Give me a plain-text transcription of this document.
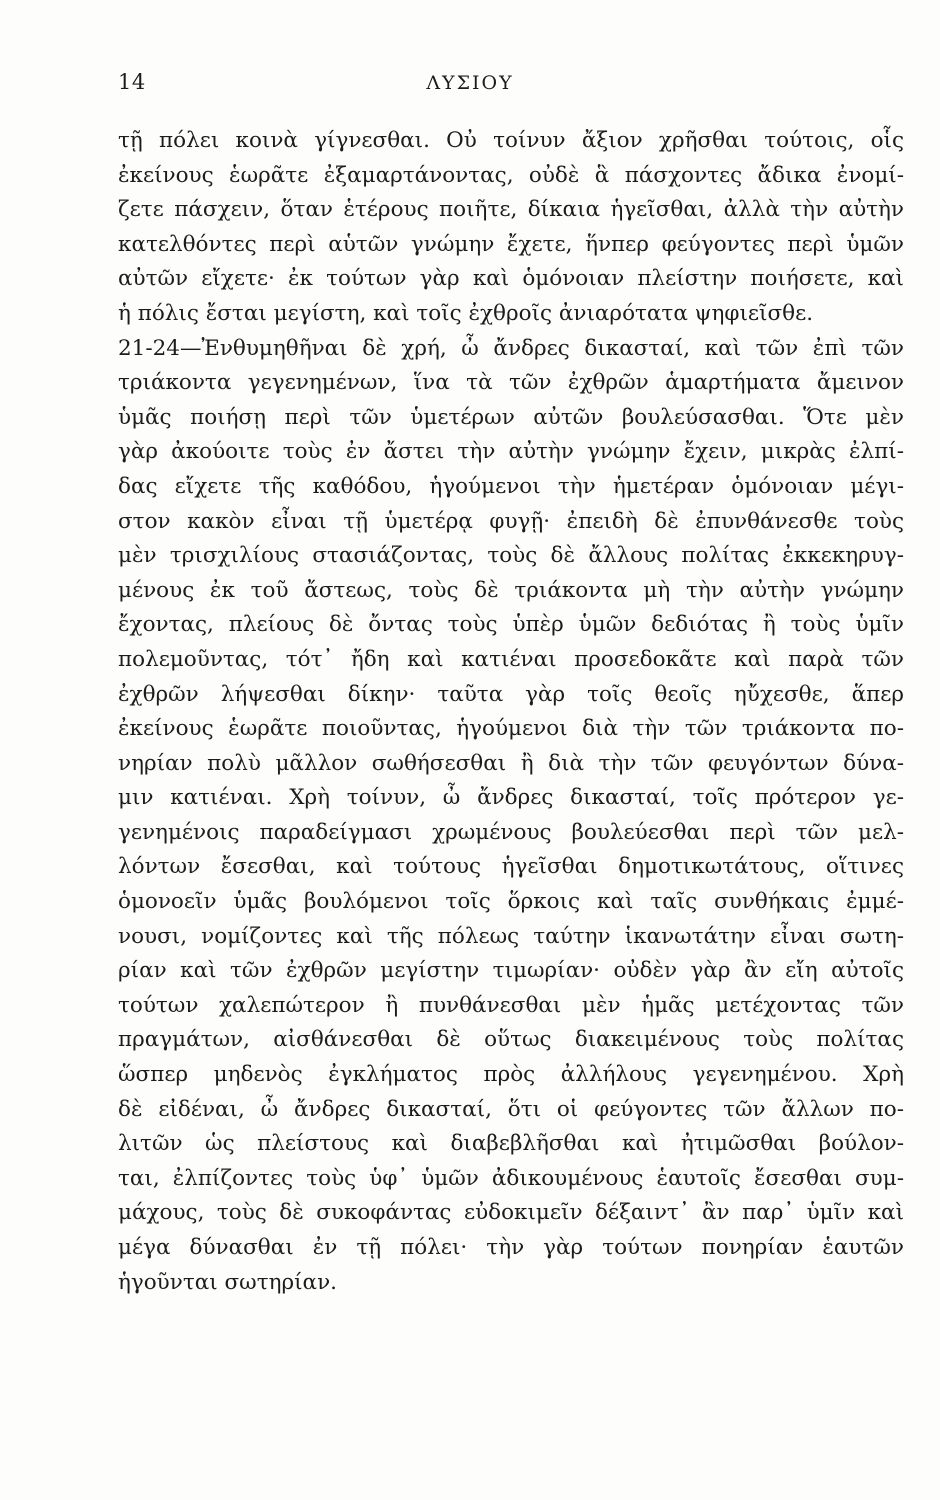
14	ΛΥΣΙΟΥ
τῇ πόλει κοινὰ γίγνεσθαι. Οὐ τοίνυν ἄξιον χρῆσθαι τούτοις, οἷς
ἐκείνους ἑωρᾶτε ἐξαμαρτάνοντας, οὐδὲ ἃ πάσχοντες ἄδικα ἐνομί-
ζετε πάσχειν, ὅταν ἑτέρους ποιῆτε, δίκαια ἡγεῖσθαι, ἀλλὰ τὴν αὐτὴν
κατελθόντες περὶ αὑτῶν γνώμην ἔχετε, ἥνπερ φεύγοντες περὶ ὑμῶν
αὐτῶν εἴχετε· ἐκ τούτων γὰρ καὶ ὁμόνοιαν πλείστην ποιήσετε, καὶ
ἡ πόλις ἔσται μεγίστη, καὶ τοῖς ἐχθροῖς ἀνιαρότατα ψηφιεῖσθε.
21-24—Ἐνθυμηθῆναι δὲ χρή, ὦ ἄνδρες δικασταί, καὶ τῶν ἐπὶ τῶν
τριάκοντα γεγενημένων, ἵνα τὰ τῶν ἐχθρῶν ἁμαρτήματα ἄμεινον
ὑμᾶς ποιήσῃ περὶ τῶν ὑμετέρων αὐτῶν βουλεύσασθαι. Ὅτε μὲν
γὰρ ἀκούοιτε τοὺς ἐν ἄστει τὴν αὐτὴν γνώμην ἔχειν, μικρὰς ἐλπί-
δας εἴχετε τῆς καθόδου, ἡγούμενοι τὴν ἡμετέραν ὁμόνοιαν μέγι-
στον κακὸν εἶναι τῇ ὑμετέρᾳ φυγῇ· ἐπειδὴ δὲ ἐπυνθάνεσθε τοὺς
μὲν τρισχιλίους στασιάζοντας, τοὺς δὲ ἄλλους πολίτας ἐκκεκηρυγ-
μένους ἐκ τοῦ ἄστεως, τοὺς δὲ τριάκοντα μὴ τὴν αὐτὴν γνώμην
ἔχοντας, πλείους δὲ ὄντας τοὺς ὑπὲρ ὑμῶν δεδιότας ἢ τοὺς ὑμῖν
πολεμοῦντας, τότ᾽ ἤδη καὶ κατιέναι προσεδοκᾶτε καὶ παρὰ τῶν
ἐχθρῶν λήψεσθαι δίκην· ταῦτα γὰρ τοῖς θεοῖς ηὔχεσθε, ἅπερ
ἐκείνους ἑωρᾶτε ποιοῦντας, ἡγούμενοι διὰ τὴν τῶν τριάκοντα πο-
νηρίαν πολὺ μᾶλλον σωθήσεσθαι ἢ διὰ τὴν τῶν φευγόντων δύνα-
μιν κατιέναι. Χρὴ τοίνυν, ὦ ἄνδρες δικασταί, τοῖς πρότερον γε-
γενημένοις παραδείγμασι χρωμένους βουλεύεσθαι περὶ τῶν μελ-
λόντων ἔσεσθαι, καὶ τούτους ἡγεῖσθαι δημοτικωτάτους, οἵτινες
ὁμονοεῖν ὑμᾶς βουλόμενοι τοῖς ὅρκοις καὶ ταῖς συνθήκαις ἐμμέ-
νουσι, νομίζοντες καὶ τῆς πόλεως ταύτην ἱκανωτάτην εἶναι σωτη-
ρίαν καὶ τῶν ἐχθρῶν μεγίστην τιμωρίαν· οὐδὲν γὰρ ἂν εἴη αὐτοῖς
τούτων χαλεπώτερον ἢ πυνθάνεσθαι μὲν ἡμᾶς μετέχοντας τῶν
πραγμάτων, αἰσθάνεσθαι δὲ οὕτως διακειμένους τοὺς πολίτας
ὥσπερ μηδενὸς ἐγκλήματος πρὸς ἀλλήλους γεγενημένου. Χρὴ
δὲ εἰδέναι, ὦ ἄνδρες δικασταί, ὅτι οἱ φεύγοντες τῶν ἄλλων πο-
λιτῶν ὡς πλείστους καὶ διαβεβλῆσθαι καὶ ἠτιμῶσθαι βούλον-
ται, ἐλπίζοντες τοὺς ὑφ᾽ ὑμῶν ἀδικουμένους ἑαυτοῖς ἔσεσθαι συμ-
μάχους, τοὺς δὲ συκοφάντας εὐδοκιμεῖν δέξαιντ᾽ ἂν παρ᾽ ὑμῖν καὶ
μέγα δύνασθαι ἐν τῇ πόλει· τὴν γὰρ τούτων πονηρίαν ἑαυτῶν
ἡγοῦνται σωτηρίαν.
